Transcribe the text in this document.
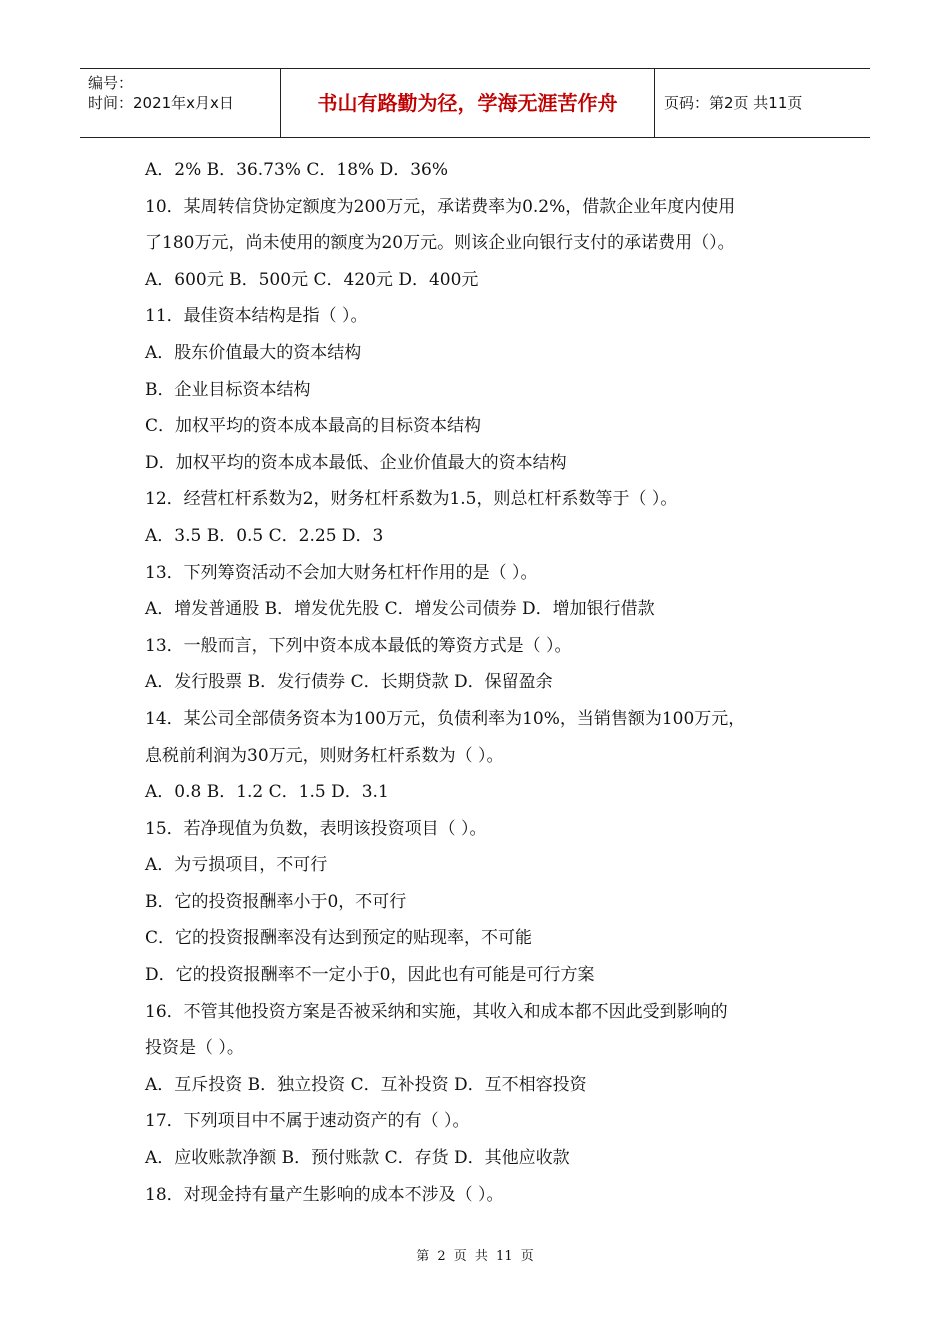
编号：
时间：2021年x月x日	书山有路勤为径，学海无涯苦作舟	页码：第2页 共11页
A．2% B．36.73% C．18% D．36%
10．某周转信贷协定额度为200万元，承诺费率为0.2%，借款企业年度内使用
了180万元，尚未使用的额度为20万元。则该企业向银行支付的承诺费用（）。
A．600元 B．500元 C．420元 D．400元
11．最佳资本结构是指（ ）。
A．股东价值最大的资本结构
B．企业目标资本结构
C．加权平均的资本成本最高的目标资本结构
D．加权平均的资本成本最低、企业价值最大的资本结构
12．经营杠杆系数为2，财务杠杆系数为1.5，则总杠杆系数等于（ ）。
A．3.5 B．0.5 C．2.25 D．3
13．下列筹资活动不会加大财务杠杆作用的是（ ）。
A．增发普通股 B．增发优先股 C．增发公司债券 D．增加银行借款
13．一般而言，下列中资本成本最低的筹资方式是（ ）。
A．发行股票 B．发行债券 C．长期贷款 D．保留盈余
14．某公司全部债务资本为100万元，负债利率为10%，当销售额为100万元，
息税前利润为30万元，则财务杠杆系数为（ ）。
A．0.8 B．1.2 C．1.5 D．3.1
15．若净现值为负数，表明该投资项目（ ）。
A．为亏损项目，不可行
B．它的投资报酬率小于0，不可行
C．它的投资报酬率没有达到预定的贴现率，不可能
D．它的投资报酬率不一定小于0，因此也有可能是可行方案
16．不管其他投资方案是否被采纳和实施，其收入和成本都不因此受到影响的
投资是（ ）。
A．互斥投资 B．独立投资 C．互补投资 D．互不相容投资
17．下列项目中不属于速动资产的有（ ）。
A．应收账款净额 B．预付账款 C．存货 D．其他应收款
18．对现金持有量产生影响的成本不涉及（ ）。
第 2 页 共 11 页
